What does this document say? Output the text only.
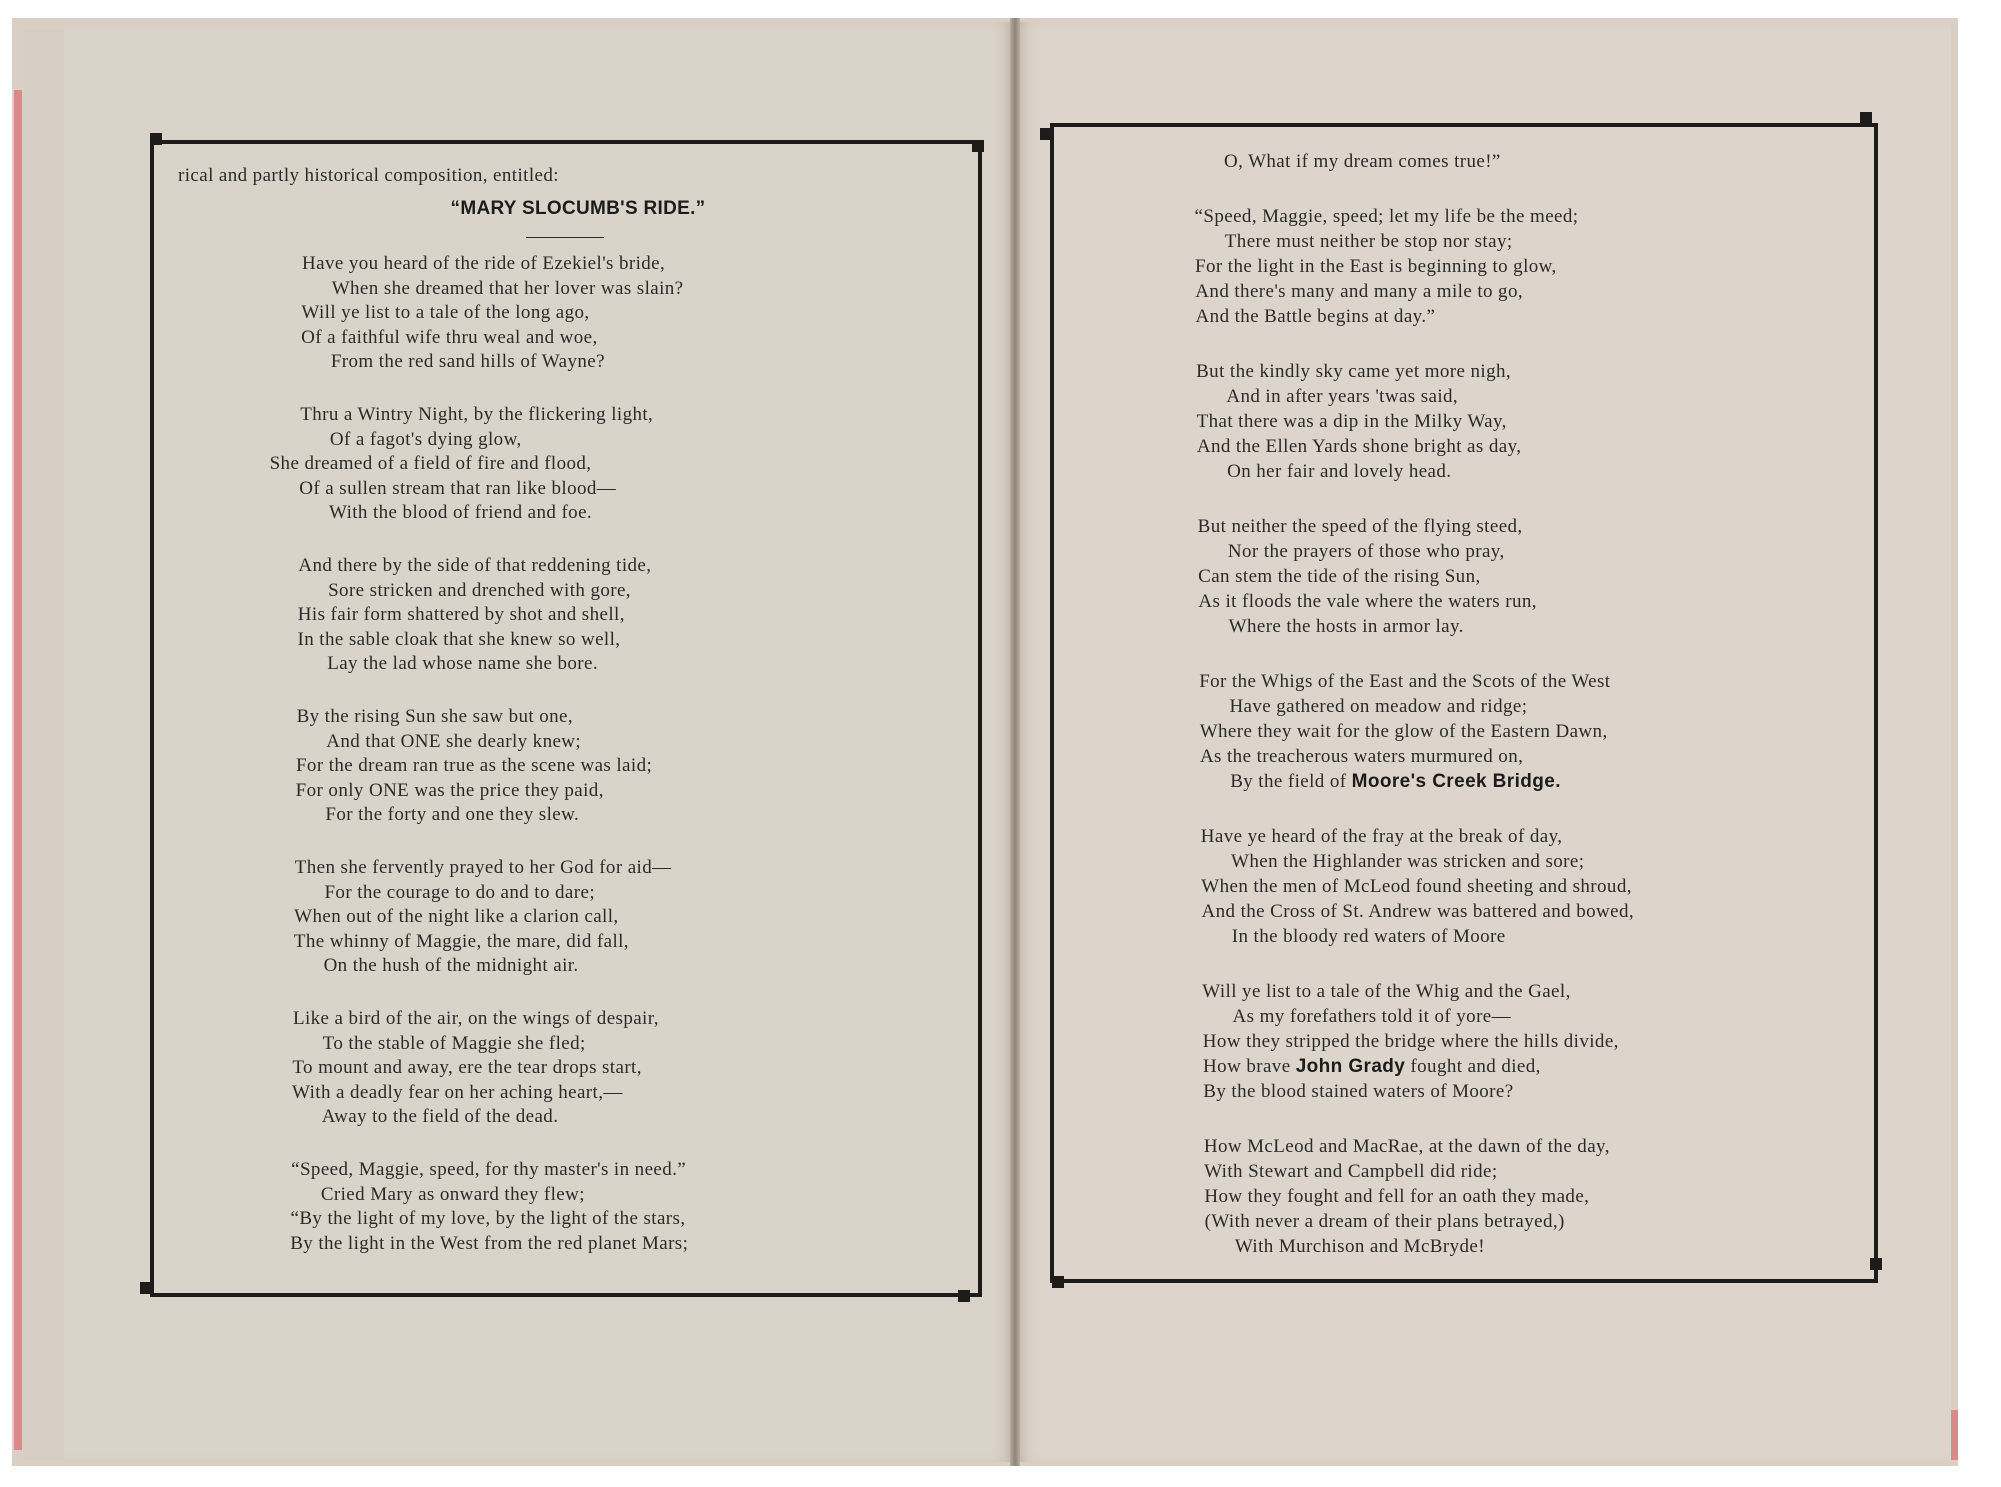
rical and partly historical composition, entitled:
“MARY SLOCUMB'S RIDE.”
Have you heard of the ride of Ezekiel's bride,
When she dreamed that her lover was slain?
Will ye list to a tale of the long ago,
Of a faithful wife thru weal and woe,
From the red sand hills of Wayne?
Thru a Wintry Night, by the flickering light,
Of a fagot's dying glow,
She dreamed of a field of fire and flood,
Of a sullen stream that ran like blood—
With the blood of friend and foe.
And there by the side of that reddening tide,
Sore stricken and drenched with gore,
His fair form shattered by shot and shell,
In the sable cloak that she knew so well,
Lay the lad whose name she bore.
By the rising Sun she saw but one,
And that ONE she dearly knew;
For the dream ran true as the scene was laid;
For only ONE was the price they paid,
For the forty and one they slew.
Then she fervently prayed to her God for aid—
For the courage to do and to dare;
When out of the night like a clarion call,
The whinny of Maggie, the mare, did fall,
On the hush of the midnight air.
Like a bird of the air, on the wings of despair,
To the stable of Maggie she fled;
To mount and away, ere the tear drops start,
With a deadly fear on her aching heart,—
Away to the field of the dead.
“Speed, Maggie, speed, for thy master's in need.”
Cried Mary as onward they flew;
“By the light of my love, by the light of the stars,
By the light in the West from the red planet Mars;
O, What if my dream comes true!”
“Speed, Maggie, speed; let my life be the meed;
There must neither be stop nor stay;
For the light in the East is beginning to glow,
And there's many and many a mile to go,
And the Battle begins at day.”
But the kindly sky came yet more nigh,
And in after years 'twas said,
That there was a dip in the Milky Way,
And the Ellen Yards shone bright as day,
On her fair and lovely head.
But neither the speed of the flying steed,
Nor the prayers of those who pray,
Can stem the tide of the rising Sun,
As it floods the vale where the waters run,
Where the hosts in armor lay.
For the Whigs of the East and the Scots of the West
Have gathered on meadow and ridge;
Where they wait for the glow of the Eastern Dawn,
As the treacherous waters murmured on,
By the field of Moore's Creek Bridge.
Have ye heard of the fray at the break of day,
When the Highlander was stricken and sore;
When the men of McLeod found sheeting and shroud,
And the Cross of St. Andrew was battered and bowed,
In the bloody red waters of Moore
Will ye list to a tale of the Whig and the Gael,
As my forefathers told it of yore—
How they stripped the bridge where the hills divide,
How brave John Grady fought and died,
By the blood stained waters of Moore?
How McLeod and MacRae, at the dawn of the day,
With Stewart and Campbell did ride;
How they fought and fell for an oath they made,
(With never a dream of their plans betrayed,)
With Murchison and McBryde!
